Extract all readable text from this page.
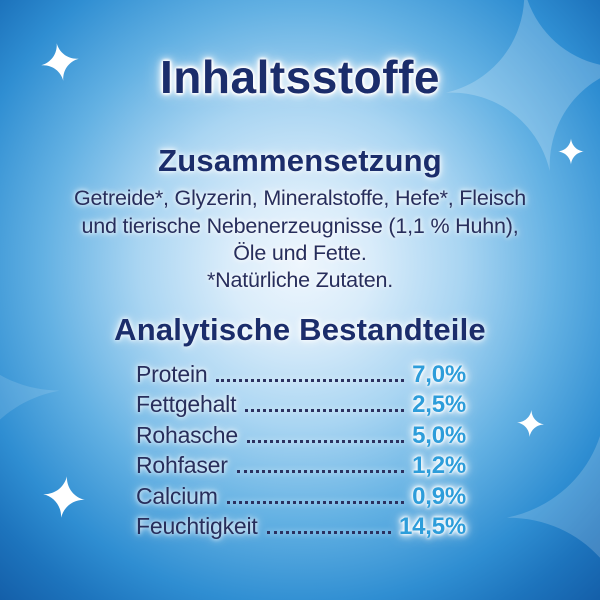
Inhaltsstoffe
Zusammensetzung
Getreide*, Glyzerin, Mineralstoffe, Hefe*, Fleisch
und tierische Nebenerzeugnisse (1,1 % Huhn),
Öle und Fette.
*Natürliche Zutaten.
Analytische Bestandteile
Protein	7,0%
Fettgehalt	2,5%
Rohasche	5,0%
Rohfaser	1,2%
Calcium	0,9%
Feuchtigkeit	14,5%
